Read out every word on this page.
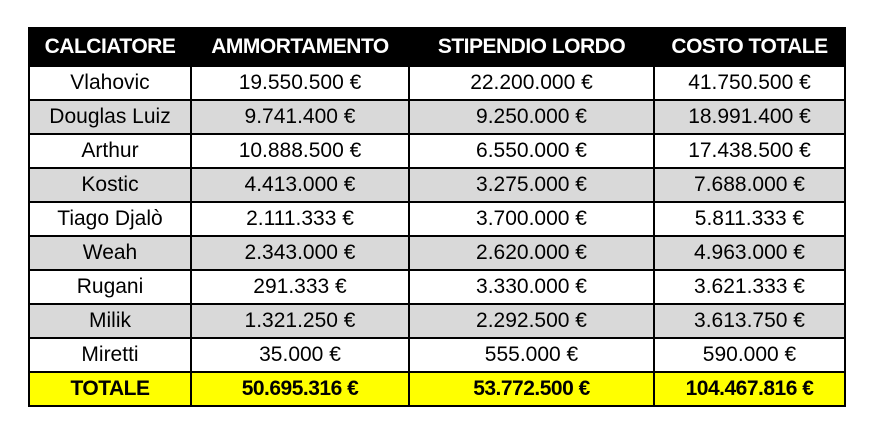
CALCIATORE	AMMORTAMENTO	STIPENDIO LORDO	COSTO TOTALE
Vlahovic	19.550.500 €	22.200.000 €	41.750.500 €
Douglas Luiz	9.741.400 €	9.250.000 €	18.991.400 €
Arthur	10.888.500 €	6.550.000 €	17.438.500 €
Kostic	4.413.000 €	3.275.000 €	7.688.000 €
Tiago Djalò	2.111.333 €	3.700.000 €	5.811.333 €
Weah	2.343.000 €	2.620.000 €	4.963.000 €
Rugani	291.333 €	3.330.000 €	3.621.333 €
Milik	1.321.250 €	2.292.500 €	3.613.750 €
Miretti	35.000 €	555.000 €	590.000 €
TOTALE	50.695.316 €	53.772.500 €	104.467.816 €
